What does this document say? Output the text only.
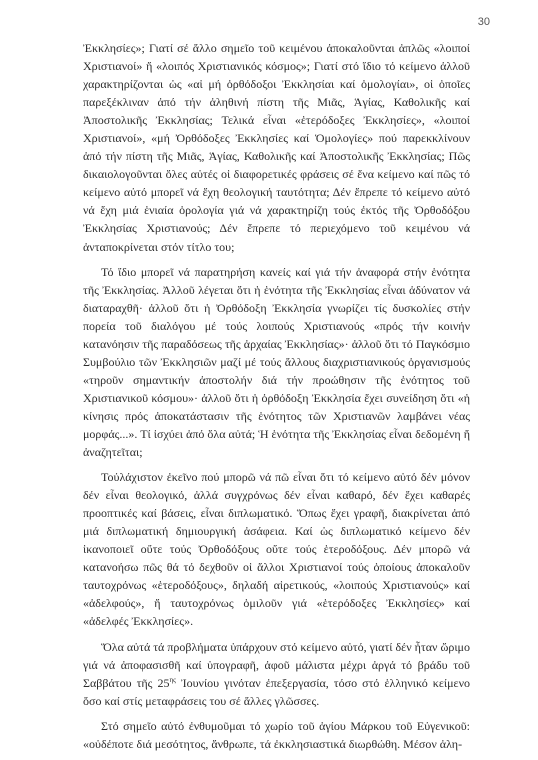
30

Ἐκκλησίες»; Γιατί σέ ἄλλο σημεῖο τοῦ κειμένου ἀποκαλοῦνται ἁπλῶς «λοιποί Χριστιανοί» ἤ «λοιπός Χριστιανικός κόσμος»; Γιατί στό ἴδιο τό κείμενο ἀλλοῦ χαρακτηρίζονται ὡς «αἱ μή ὀρθόδοξοι Ἐκκλησίαι καί ὁμολογίαι», οἱ ὁποῖες παρεξέκλιναν ἀπό τήν ἀληθινή πίστη τῆς Μιᾶς, Ἁγίας, Καθολικῆς καί Ἀποστολικῆς Ἐκκλησίας; Τελικά εἶναι «ἑτερόδοξες Ἐκκλησίες», «λοιποί Χριστιανοί», «μή Ὀρθόδοξες Ἐκκλησίες καί Ὁμολογίες» πού παρεκκλίνουν ἀπό τήν πίστη τῆς Μιᾶς, Ἁγίας, Καθολικῆς καί Ἀποστολικῆς Ἐκκλησίας; Πῶς δικαιολογοῦνται ὅλες αὐτές οἱ διαφορετικές φράσεις σέ ἕνα κείμενο καί πῶς τό κείμενο αὐτό μπορεῖ νά ἔχη θεολογική ταυτότητα; Δέν ἔπρεπε τό κείμενο αὐτό νά ἔχη μιά ἑνιαία ὁρολογία γιά νά χαρακτηρίζη τούς ἐκτός τῆς Ὀρθοδόξου Ἐκκλησίας Χριστιανούς; Δέν ἔπρεπε τό περιεχόμενο τοῦ κειμένου νά ἀνταποκρίνεται στόν τίτλο του;

Τό ἴδιο μπορεῖ νά παρατηρήση κανείς καί γιά τήν ἀναφορά στήν ἑνότητα τῆς Ἐκκλησίας. Ἀλλοῦ λέγεται ὅτι ἡ ἑνότητα τῆς Ἐκκλησίας εἶναι ἀδύνατον νά διαταραχθῆ· ἀλλοῦ ὅτι ἡ Ὀρθόδοξη Ἐκκλησία γνωρίζει τίς δυσκολίες στήν πορεία τοῦ διαλόγου μέ τούς λοιπούς Χριστιανούς «πρός τήν κοινήν κατανόησιν τῆς παραδόσεως τῆς ἀρχαίας Ἐκκλησίας»· ἀλλοῦ ὅτι τό Παγκόσμιο Συμβούλιο τῶν Ἐκκλησιῶν μαζί μέ τούς ἄλλους διαχριστιανικούς ὀργανισμούς «τηροῦν σημαντικήν ἀποστολήν διά τήν προώθησιν τῆς ἑνότητος τοῦ Χριστιανικοῦ κόσμου»· ἀλλοῦ ὅτι ἡ ὀρθόδοξη Ἐκκλησία ἔχει συνείδηση ὅτι «ἡ κίνησις πρός ἀποκατάστασιν τῆς ἑνότητος τῶν Χριστιανῶν λαμβάνει νέας μορφάς...». Τί ἰσχύει ἀπό ὅλα αὐτά; Ἡ ἑνότητα τῆς Ἐκκλησίας εἶναι δεδομένη ἤ ἀναζητεῖται;

Τοὐλάχιστον ἐκεῖνο πού μπορῶ νά πῶ εἶναι ὅτι τό κείμενο αὐτό δέν μόνον δέν εἶναι θεολογικό, ἀλλά συγχρόνως δέν εἶναι καθαρό, δέν ἔχει καθαρές προοπτικές καί βάσεις, εἶναι διπλωματικό. Ὅπως ἔχει γραφῆ, διακρίνεται ἀπό μιά διπλωματική δημιουργική ἀσάφεια. Καί ὡς διπλωματικό κείμενο δέν ἱκανοποιεῖ οὔτε τούς Ὀρθοδόξους οὔτε τούς ἑτεροδόξους. Δέν μπορῶ νά κατανοήσω πῶς θά τό δεχθοῦν οἱ ἄλλοι Χριστιανοί τούς ὁποίους ἀποκαλοῦν ταυτοχρόνως «ἑτεροδόξους», δηλαδή αἱρετικούς, «λοιπούς Χριστιανούς» καί «ἀδελφούς», ἤ ταυτοχρόνως ὁμιλοῦν γιά «ἑτερόδοξες Ἐκκλησίες» καί «ἀδελφές Ἐκκλησίες».

Ὅλα αὐτά τά προβλήματα ὑπάρχουν στό κείμενο αὐτό, γιατί δέν ἦταν ὥριμο γιά νά ἀποφασισθῆ καί ὑπογραφῆ, ἀφοῦ μάλιστα μέχρι ἀργά τό βράδυ τοῦ Σαββάτου τῆς $25^{\eta\varsigma}$ Ἰουνίου γινόταν ἐπεξεργασία, τόσο στό ἑλληνικό κείμενο ὅσο καί στίς μεταφράσεις του σέ ἄλλες γλῶσσες.

Στό σημεῖο αὐτό ἐνθυμοῦμαι τό χωρίο τοῦ ἁγίου Μάρκου τοῦ Εὐγενικοῦ: «οὐδέποτε διά μεσότητος, ἄνθρωπε, τά ἐκκλησιαστικά διωρθώθη. Μέσον ἀλη-
